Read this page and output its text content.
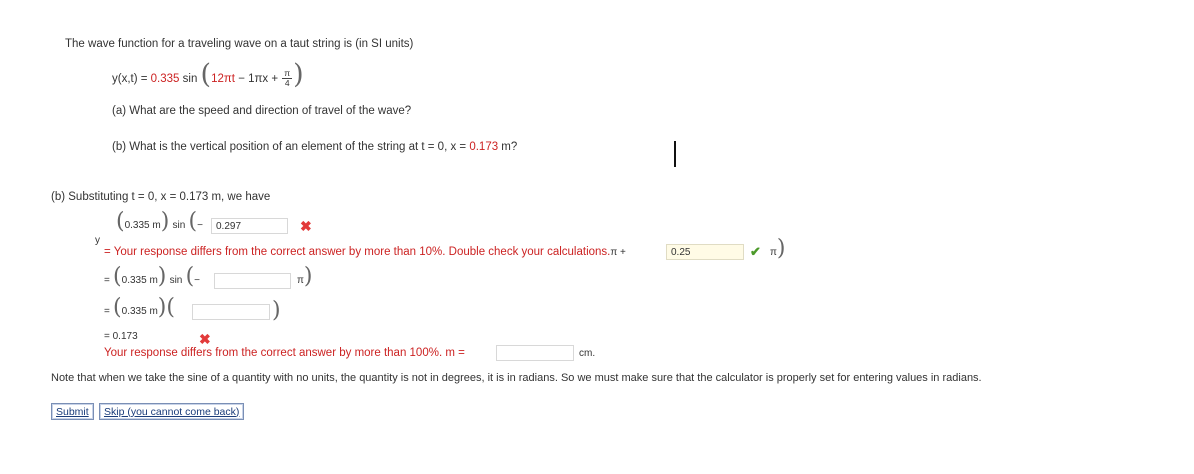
The wave function for a traveling wave on a taut string is (in SI units)
y(x,t) = 0.335 $\sin (12\pi t - 1\pi x + \frac{\pi}{4}$ )
(a) What are the speed and direction of travel of the wave?
(b) What is the vertical position of an element of the string at t = 0, x = 0.173 m?
(b) Substituting t = 0, x = 0.173 m, we have
(0.335 m) sin (−
0.297	✖
y
= Your response differs from the correct answer by more than 10%. Double check your calculations.π +
0.25	✔ π)
= (0.335 m) sin (−	π)
= (0.335 m)(	)
= 0.173	✖
Your response differs from the correct answer by more than 100%. m =	cm.
Note that when we take the sine of a quantity with no units, the quantity is not in degrees, it is in radians. So we must make sure that the calculator is properly set for entering values in radians.
Submit	Skip (you cannot come back)
